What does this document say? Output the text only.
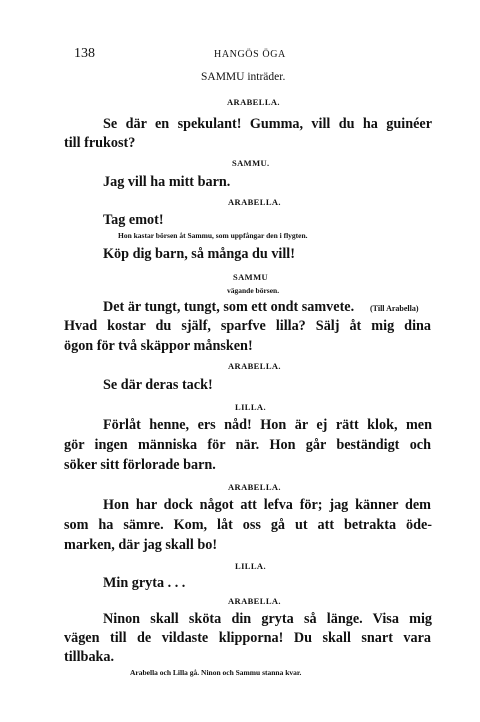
138	HANGÖS ÖGA
SAMMU inträder.
ARABELLA.
Se där en spekulant! Gumma, vill du ha guinéer
till frukost?
SAMMU.
Jag vill ha mitt barn.
ARABELLA.
Tag emot!
Hon kastar börsen åt Sammu, som uppfångar den i flygten.
Köp dig barn, så många du vill!
SAMMU
vägande börsen.
Det är tungt, tungt, som ett ondt samvete. (Till Arabella)
Hvad kostar du själf, sparfve lilla? Sälj åt mig dina
ögon för två skäppor månsken!
ARABELLA.
Se där deras tack!
LILLA.
Förlåt henne, ers nåd! Hon är ej rätt klok, men
gör ingen människa för när. Hon går beständigt och
söker sitt förlorade barn.
ARABELLA.
Hon har dock något att lefva för; jag känner dem
som ha sämre. Kom, låt oss gå ut att betrakta öde-
marken, där jag skall bo!
LILLA.
Min gryta . . .
ARABELLA.
Ninon skall sköta din gryta så länge. Visa mig
vägen till de vildaste klipporna! Du skall snart vara
tillbaka.
Arabella och Lilla gå. Ninon och Sammu stanna kvar.
